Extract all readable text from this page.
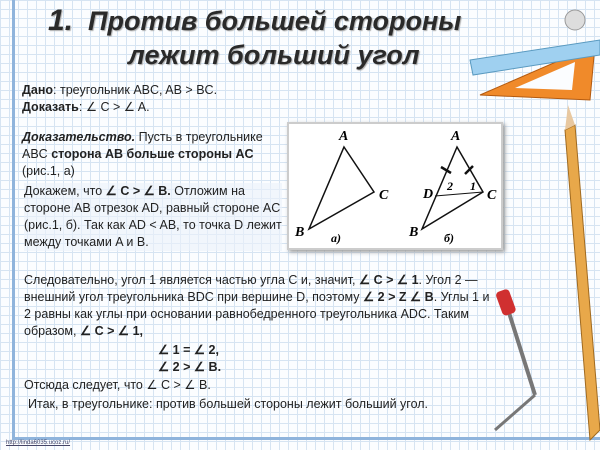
1. Против большей стороны
лежит больший угол
Дано: треугольник ABC, AB > BC.
Доказать: ∠ C > ∠ A.
Доказательство. Пусть в треугольнике ABC сторона AB больше стороны AC (рис.1, а)
Докажем, что ∠ C > ∠ B. Отложим на стороне AB отрезок AD, равный стороне AC (рис.1, б). Так как AD < AB, то точка D лежит между точками A и B.
A
C
B а)
A
C
D
B
2 1
б)
Следовательно, угол 1 является частью угла C и, значит, ∠ C > ∠ 1. Угол 2 — внешний угол треугольника BDC при вершине D, поэтому ∠ 2 > Z ∠ B. Углы 1 и 2 равны как углы при основании равнобедренного треугольника ADC. Таким образом, ∠ C > ∠ 1,
∠ 1 = ∠ 2,
∠ 2 > ∠ B.
Отсюда следует, что ∠ C > ∠ B.
Итак, в треугольнике: против большей стороны лежит больший угол.
http://linda6035.ucoz.ru/
